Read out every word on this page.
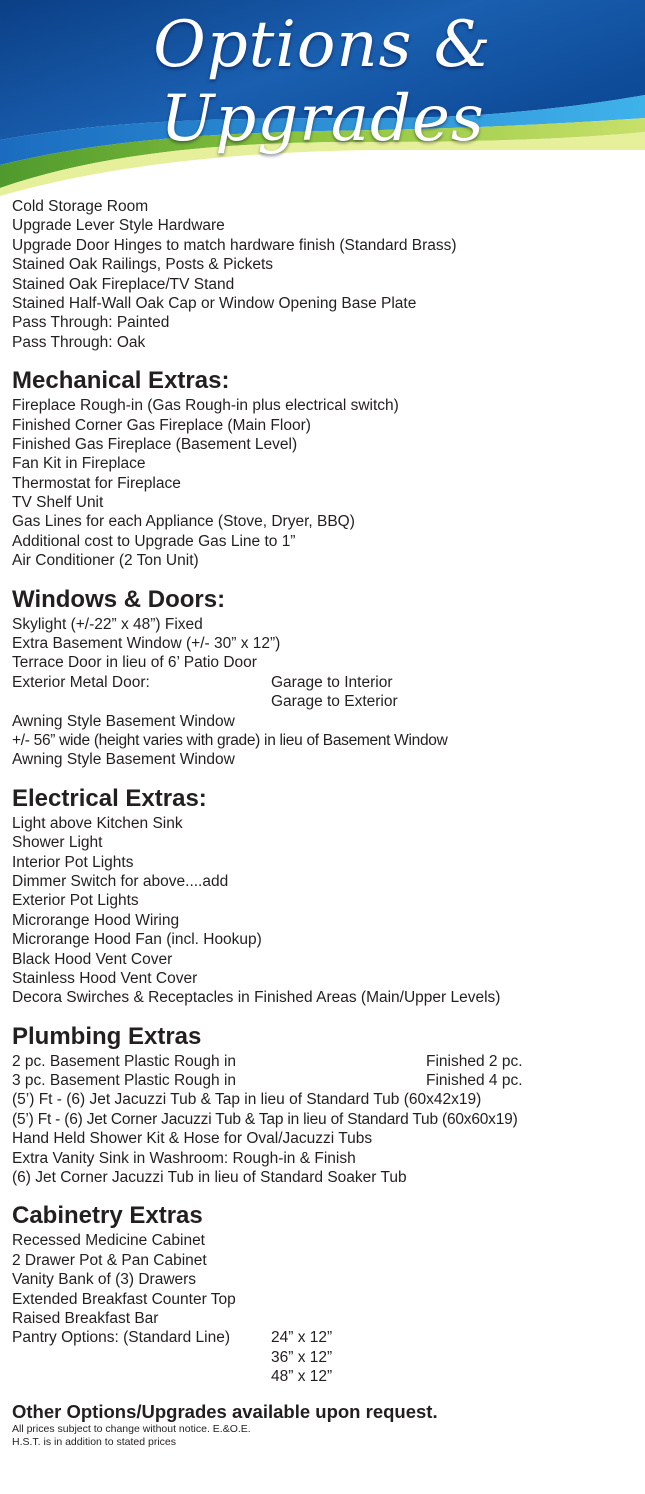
Options & Upgrades
Cold Storage Room
Upgrade Lever Style Hardware
Upgrade Door Hinges to match hardware finish (Standard Brass)
Stained Oak Railings, Posts & Pickets
Stained Oak Fireplace/TV Stand
Stained Half-Wall Oak Cap or Window Opening Base Plate
Pass Through: Painted
Pass Through: Oak
Mechanical Extras:
Fireplace Rough-in (Gas Rough-in plus electrical switch)
Finished Corner Gas Fireplace (Main Floor)
Finished Gas Fireplace (Basement Level)
Fan Kit in Fireplace
Thermostat for Fireplace
TV Shelf Unit
Gas Lines for each Appliance (Stove, Dryer, BBQ)
Additional cost to Upgrade Gas Line to 1”
Air Conditioner (2 Ton Unit)
Windows & Doors:
Skylight (+/-22” x 48”) Fixed
Extra Basement Window (+/- 30” x 12”)
Terrace Door in lieu of 6’ Patio Door
Exterior Metal Door:	Garage to Interior
Garage to Exterior
Awning Style Basement Window
+/- 56” wide (height varies with grade) in lieu of Basement Window
Awning Style Basement Window
Electrical Extras:
Light above Kitchen Sink
Shower Light
Interior Pot Lights
Dimmer Switch for above....add
Exterior Pot Lights
Microrange Hood Wiring
Microrange Hood Fan (incl. Hookup)
Black Hood Vent Cover
Stainless Hood Vent Cover
Decora Swirches & Receptacles in Finished Areas (Main/Upper Levels)
Plumbing Extras
2 pc. Basement Plastic Rough in	Finished 2 pc.
3 pc. Basement Plastic Rough in	Finished 4 pc.
(5’) Ft - (6) Jet Jacuzzi Tub & Tap in lieu of Standard Tub (60x42x19)
(5’) Ft - (6) Jet Corner Jacuzzi Tub & Tap in lieu of Standard Tub (60x60x19)
Hand Held Shower Kit & Hose for Oval/Jacuzzi Tubs
Extra Vanity Sink in Washroom: Rough-in & Finish
(6) Jet Corner Jacuzzi Tub in lieu of Standard Soaker Tub
Cabinetry Extras
Recessed Medicine Cabinet
2 Drawer Pot & Pan Cabinet
Vanity Bank of (3) Drawers
Extended Breakfast Counter Top
Raised Breakfast Bar
Pantry Options: (Standard Line)	24” x 12”
36” x 12”
48” x 12”
Other Options/Upgrades available upon request.
All prices subject to change without notice. E.&O.E.
H.S.T. is in addition to stated prices
